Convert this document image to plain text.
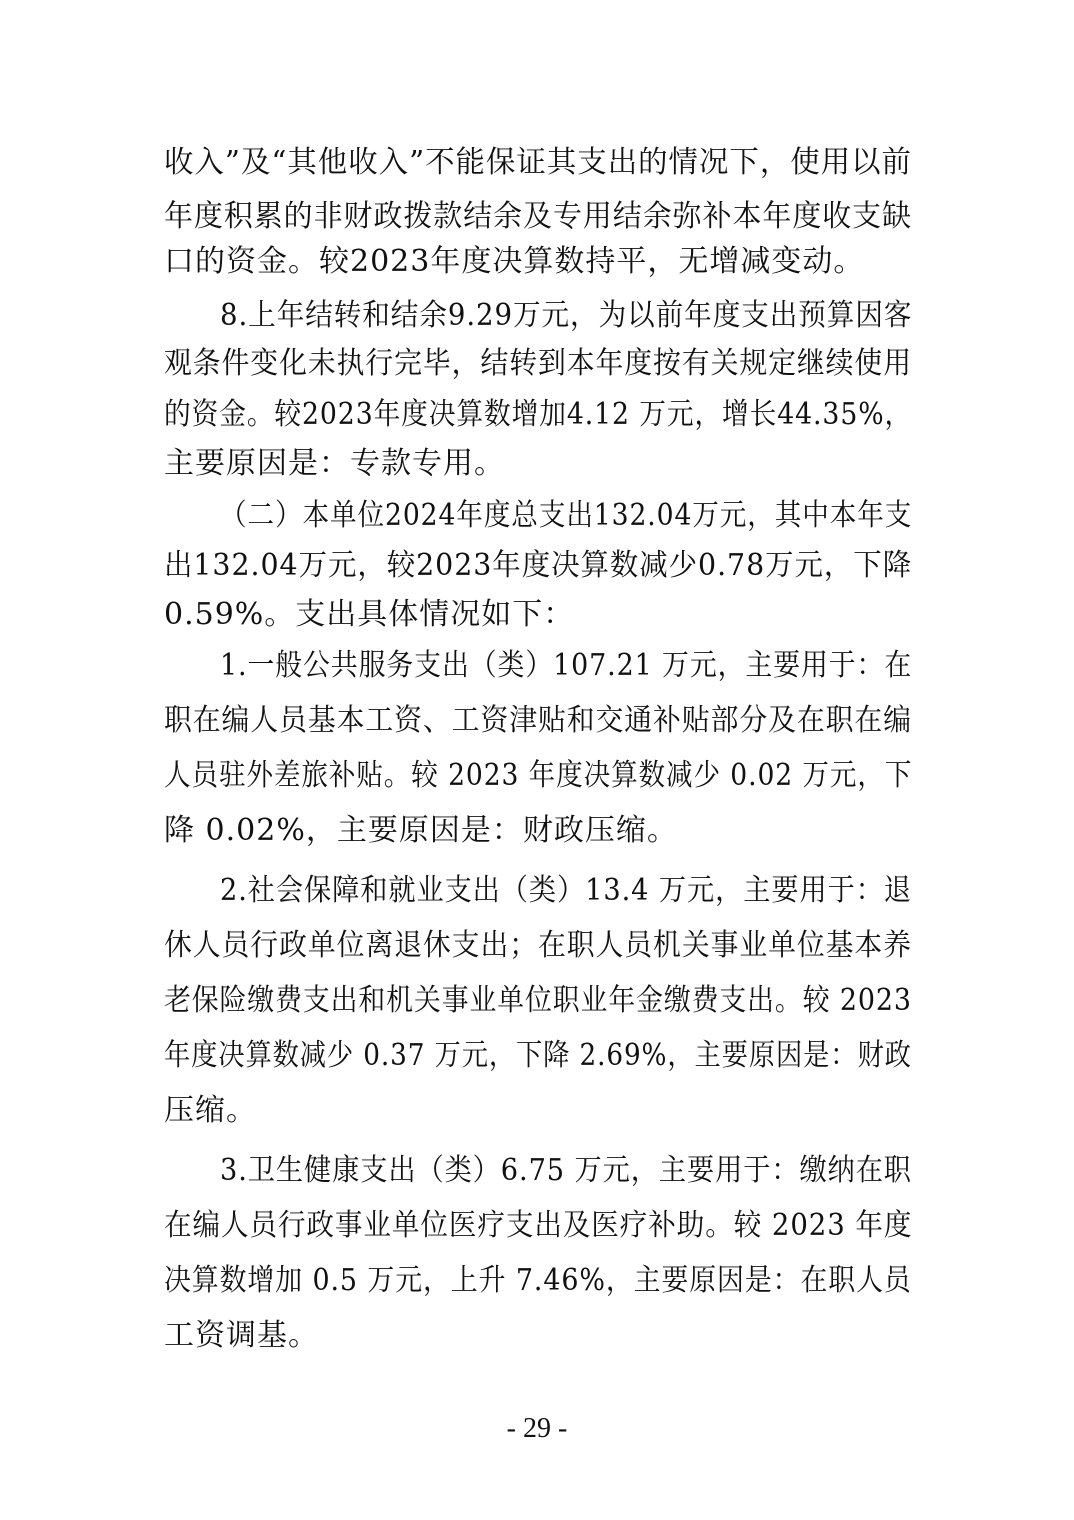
收入”及“其他收入”不能保证其支出的情况下，使用以前
年度积累的非财政拨款结余及专用结余弥补本年度收支缺
口的资金。较2023年度决算数持平，无增减变动。
8.上年结转和结余9.29万元，为以前年度支出预算因客
观条件变化未执行完毕，结转到本年度按有关规定继续使用
的资金。较2023年度决算数增加4.12 万元，增长44.35%，
主要原因是：专款专用。
（二）本单位2024年度总支出132.04万元，其中本年支
出132.04万元，较2023年度决算数减少0.78万元，下降
0.59%。支出具体情况如下：
1.一般公共服务支出（类）107.21 万元，主要用于：在
职在编人员基本工资、工资津贴和交通补贴部分及在职在编
人员驻外差旅补贴。较 2023 年度决算数减少 0.02 万元，下
降 0.02%，主要原因是：财政压缩。
2.社会保障和就业支出（类）13.4 万元，主要用于：退
休人员行政单位离退休支出；在职人员机关事业单位基本养
老保险缴费支出和机关事业单位职业年金缴费支出。较 2023
年度决算数减少 0.37 万元，下降 2.69%，主要原因是：财政
压缩。
3.卫生健康支出（类）6.75 万元，主要用于：缴纳在职
在编人员行政事业单位医疗支出及医疗补助。较 2023 年度
决算数增加 0.5 万元，上升 7.46%，主要原因是：在职人员
工资调基。
- 29 -
